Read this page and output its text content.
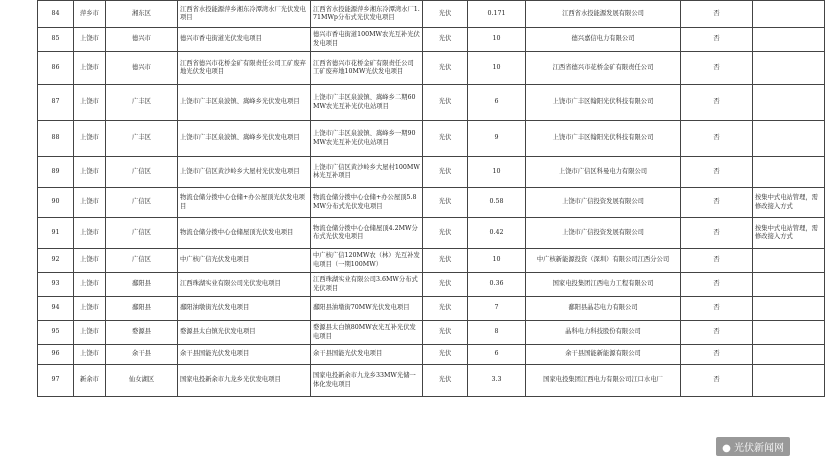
84	萍乡市	湘东区	江西省水投能源萍乡湘东冷潭湾水厂光伏发电项目	江西省水投能源萍乡湘东冷潭湾水厂1.71MWp分布式光伏发电项目	光伏	0.171	江西省水投能源发展有限公司	否	
85	上饶市	德兴市	德兴市香屯街道光伏发电项目	德兴市香屯街道100MW农光互补光伏发电项目	光伏	10	德兴嘉信电力有限公司	否	
86	上饶市	德兴市	江西省德兴市花桥金矿有限责任公司工矿废弃地光伏发电项目	江西省德兴市花桥金矿有限责任公司工矿废弃地10MW光伏发电项目	光伏	10	江西省德兴市花桥金矿有限责任公司	否	
87	上饶市	广丰区	上饶市广丰区泉波镇、嵩峰乡光伏发电项目	上饶市广丰区泉波镇、嵩峰乡二期60MW农光互补光伏电站项目	光伏	6	上饶市广丰区翰阳光伏科技有限公司	否	
88	上饶市	广丰区	上饶市广丰区泉波镇、嵩峰乡光伏发电项目	上饶市广丰区泉波镇、嵩峰乡一期90MW农光互补光伏电站项目	光伏	9	上饶市广丰区翰阳光伏科技有限公司	否	
89	上饶市	广信区	上饶市广信区黄沙岭乡大屋村光伏发电项目	上饶市广信区黄沙岭乡大屋村100MW林光互补项目	光伏	10	上饶市广信区科曼电力有限公司	否	
90	上饶市	广信区	物流仓储分拨中心仓储+办公屋顶光伏发电项目	物流仓储分拨中心仓储+办公屋顶5.8MW分布式光伏发电项目	光伏	0.58	上饶市广信投资发展有限公司	否	按集中式电站管理，需修改接入方式
91	上饶市	广信区	物流仓储分拨中心仓储屋顶光伏发电项目	物流仓储分拨中心仓储屋顶4.2MW分布式光伏发电项目	光伏	0.42	上饶市广信投资发展有限公司	否	按集中式电站管理，需修改接入方式
92	上饶市	广信区	中广核广信光伏发电项目	中广核广信120MW农（林）光互补发电项目（一期100MW）	光伏	10	中广核新能源投资（深圳）有限公司江西分公司	否	
93	上饶市	鄱阳县	江西珠湖实业有限公司光伏发电项目	江西珠湖实业有限公司3.6MW分布式光伏项目	光伏	0.36	国家电投集团江西电力工程有限公司	否	
94	上饶市	鄱阳县	鄱阳油墩街光伏发电项目	鄱阳县油墩街70MW光伏发电项目	光伏	7	鄱阳县晶芯电力有限公司	否	
95	上饶市	婺源县	婺源县太白镇光伏发电项目	婺源县太白镇80MW农光互补光伏发电项目	光伏	8	晶科电力科技股份有限公司	否	
96	上饶市	余干县	余干县国能光伏发电项目	余干县国能光伏发电项目	光伏	6	余干县国能新能源有限公司	否	
97	新余市	仙女湖区	国家电投新余市九龙乡光伏发电项目	国家电投新余市九龙乡33MW光储一体化发电项目	光伏	3.3	国家电投集团江西电力有限公司江口水电厂	否	
● 光伏新闻网
